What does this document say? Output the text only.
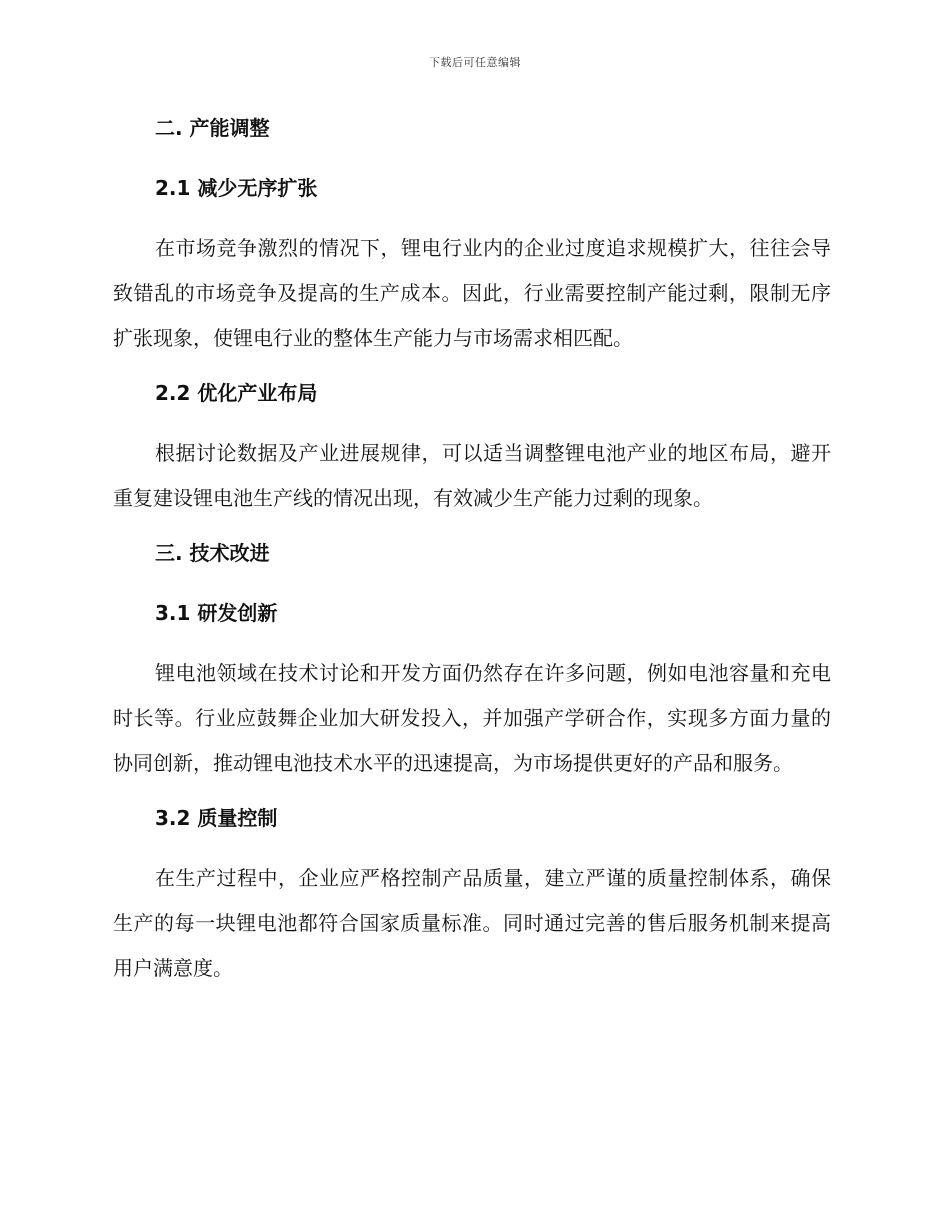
下载后可任意编辑
二. 产能调整
2.1 减少无序扩张

在市场竞争激烈的情况下，锂电行业内的企业过度追求规模扩大，往往会导致错乱的市场竞争及提高的生产成本。因此，行业需要控制产能过剩，限制无序扩张现象，使锂电行业的整体生产能力与市场需求相匹配。

2.2 优化产业布局

根据讨论数据及产业进展规律，可以适当调整锂电池产业的地区布局，避开重复建设锂电池生产线的情况出现，有效减少生产能力过剩的现象。

三. 技术改进
3.1 研发创新

锂电池领域在技术讨论和开发方面仍然存在许多问题，例如电池容量和充电时长等。行业应鼓舞企业加大研发投入，并加强产学研合作，实现多方面力量的协同创新，推动锂电池技术水平的迅速提高，为市场提供更好的产品和服务。

3.2 质量控制

在生产过程中，企业应严格控制产品质量，建立严谨的质量控制体系，确保生产的每一块锂电池都符合国家质量标准。同时通过完善的售后服务机制来提高用户满意度。
